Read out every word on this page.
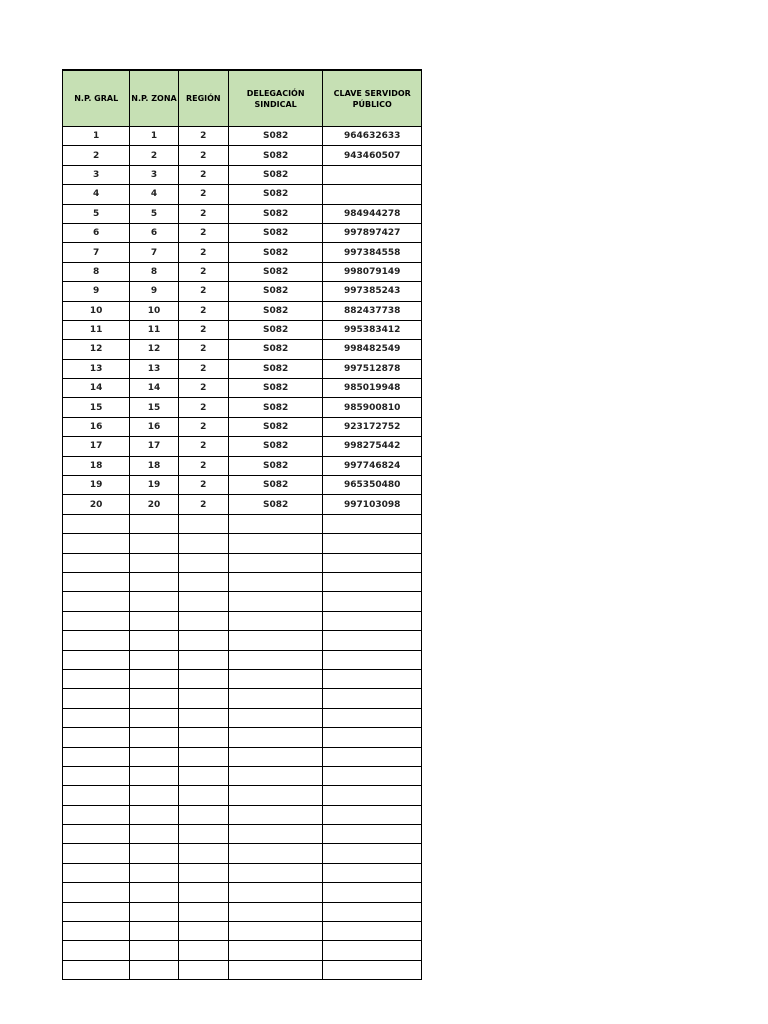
N.P. GRAL	N.P. ZONA	REGIÓN	DELEGACIÓN SINDICAL	CLAVE SERVIDOR PÚBLICO
1	1	2	S082	964632633
2	2	2	S082	943460507
3	3	2	S082	
4	4	2	S082	
5	5	2	S082	984944278
6	6	2	S082	997897427
7	7	2	S082	997384558
8	8	2	S082	998079149
9	9	2	S082	997385243
10	10	2	S082	882437738
11	11	2	S082	995383412
12	12	2	S082	998482549
13	13	2	S082	997512878
14	14	2	S082	985019948
15	15	2	S082	985900810
16	16	2	S082	923172752
17	17	2	S082	998275442
18	18	2	S082	997746824
19	19	2	S082	965350480
20	20	2	S082	997103098
